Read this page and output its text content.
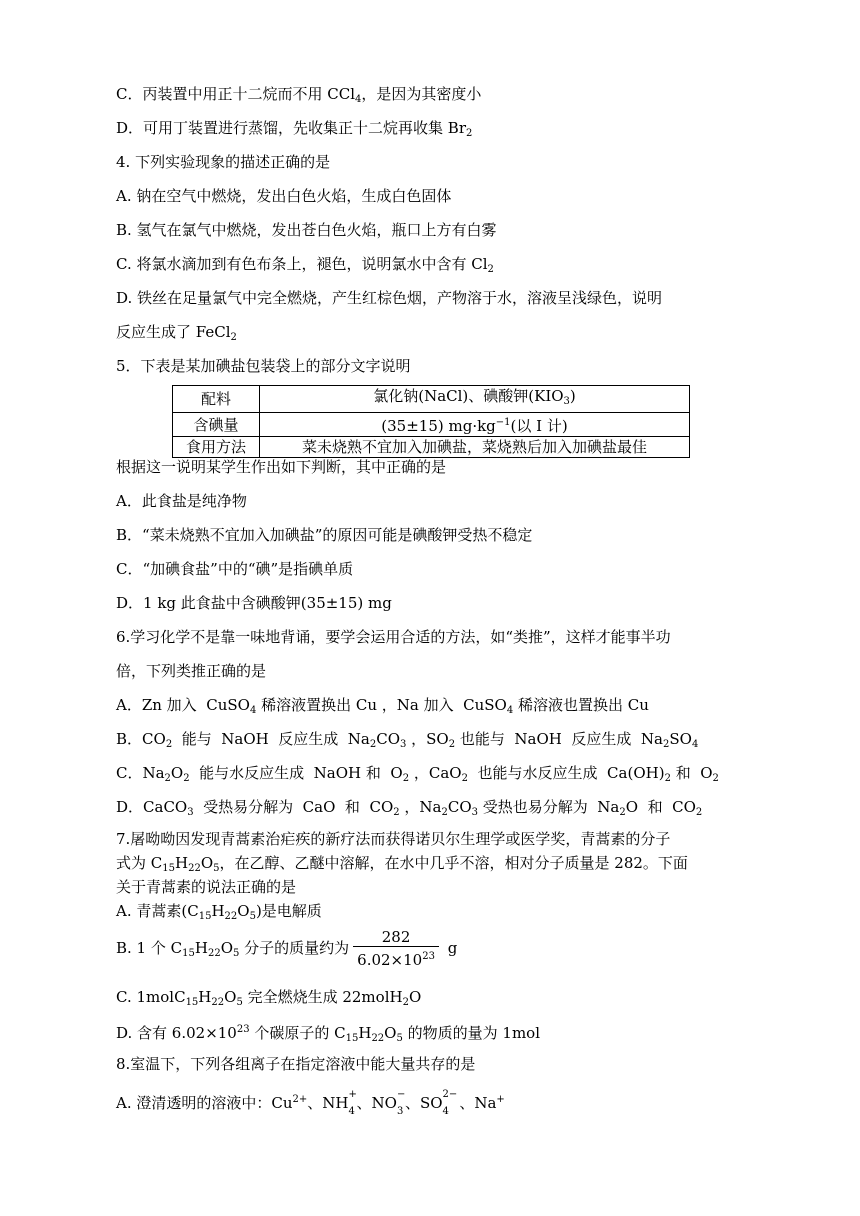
C．丙装置中用正十二烷而不用 CCl$_4$，是因为其密度小
D．可用丁装置进行蒸馏，先收集正十二烷再收集 $Br_2$
4. 下列实验现象的描述正确的是
A. 钠在空气中燃烧，发出白色火焰，生成白色固体
B. 氢气在氯气中燃烧，发出苍白色火焰，瓶口上方有白雾
C. 将氯水滴加到有色布条上，褪色，说明氯水中含有 $Cl_2$
D. 铁丝在足量氯气中完全燃烧，产生红棕色烟，产物溶于水，溶液呈浅绿色，说明
反应生成了 FeCl$_2$
5．下表是某加碘盐包装袋上的部分文字说明
配料	氯化钠(NaCl)、碘酸钾$(KIO_3)$
含碘量	(35±15) $mg\cdot kg^{-1}$(以 I 计)
食用方法	菜未烧熟不宜加入加碘盐，菜烧熟后加入加碘盐最佳
根据这一说明某学生作出如下判断，其中正确的是
A．此食盐是纯净物
B．“菜未烧熟不宜加入加碘盐”的原因可能是碘酸钾受热不稳定
C．“加碘食盐”中的“碘”是指碘单质
D．1 kg 此食盐中含碘酸钾(35±15) mg
6.学习化学不是靠一味地背诵，要学会运用合适的方法，如“类推”，这样才能事半功
倍，下列类推正确的是
A．Zn 加入  CuSO$_4$ 稀溶液置换出 Cu ，Na 加入  CuSO$_4$ 稀溶液也置换出 Cu
B．$CO_2$  能与  NaOH  反应生成  $Na_2CO_3$ ，$SO_2$ 也能与  NaOH  反应生成  $Na_2SO_4$
C．$Na_2O_2$  能与水反应生成  NaOH 和  $O_2$ ，CaO$_2$  也能与水反应生成  $Ca(OH)_2$ 和  $O_2$
D．CaCO$_3$  受热易分解为  CaO  和  $CO_2$ ，$Na_2CO_3$ 受热也易分解为  $Na_2O$  和  $CO_2$
7.屠呦呦因发现青蒿素治疟疾的新疗法而获得诺贝尔生理学或医学奖，青蒿素的分子
式为 $C_{15}H_{22}O_5$，在乙醇、乙醚中溶解，在水中几乎不溶，相对分子质量是 282。下面
关于青蒿素的说法正确的是
A. 青蒿素$(C_{15}H_{22}O_5)$是电解质
B. 1 个 $C_{15}H_{22}O_5$ 分子的质量约为 $\frac{282}{6.02\times 10^{23}}$ g
C. $1molC_{15}H_{22}O_5$ 完全燃烧生成 22molH$_2$O
D. 含有 $6.02\times 10^{23}$ 个碳原子的 $C_{15}H_{22}O_5$ 的物质的量为 1mol
8.室温下，下列各组离子在指定溶液中能大量共存的是
A. 澄清透明的溶液中：$Cu^{2+}$、NH +
4 、NO −
3 、SO 2−
4 、Na+
